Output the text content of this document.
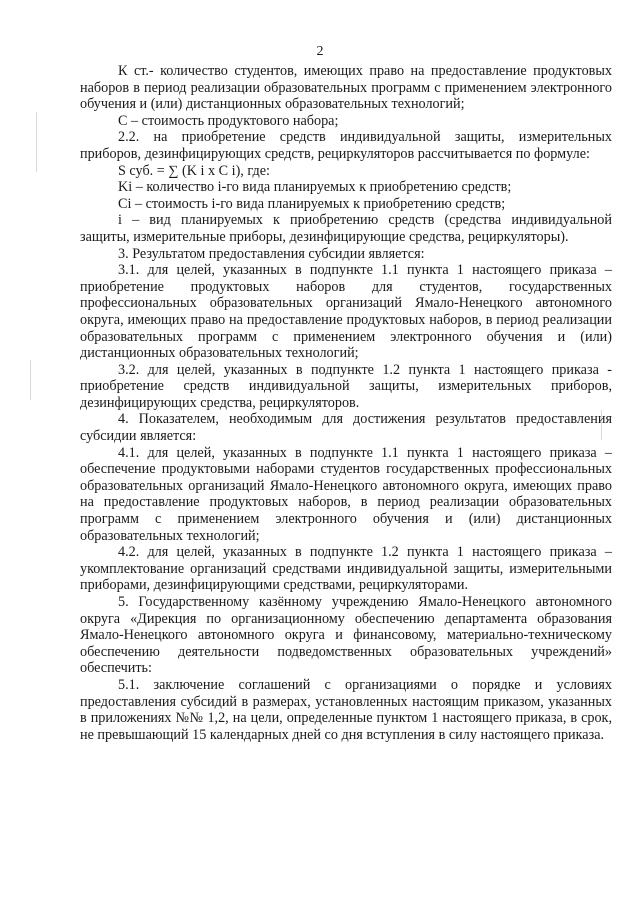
2

К ст.- количество студентов, имеющих право на предоставление продуктовых наборов в период реализации образовательных программ с применением электронного обучения и (или) дистанционных образовательных технологий;

С – стоимость продуктового набора;

2.2. на приобретение средств индивидуальной защиты, измерительных приборов, дезинфицирующих средств, рециркуляторов рассчитывается по формуле:

S суб. = ∑ (K i x C i), где:

Ki – количество i-го вида планируемых к приобретению средств;

Ci – стоимость i-го вида планируемых к приобретению средств;

i – вид планируемых к приобретению средств (средства индивидуальной защиты, измерительные приборы, дезинфицирующие средства, рециркуляторы).

3. Результатом предоставления субсидии является:

3.1. для целей, указанных в подпункте 1.1 пункта 1 настоящего приказа – приобретение продуктовых наборов для студентов, государственных профессиональных образовательных организаций Ямало-Ненецкого автономного округа, имеющих право на предоставление продуктовых наборов, в период реализации образовательных программ с применением электронного обучения и (или) дистанционных образовательных технологий;

3.2. для целей, указанных в подпункте 1.2 пункта 1 настоящего приказа - приобретение средств индивидуальной защиты, измерительных приборов, дезинфицирующих средства, рециркуляторов.

4. Показателем, необходимым для достижения результатов предоставления субсидии является:

4.1. для целей, указанных в подпункте 1.1 пункта 1 настоящего приказа – обеспечение продуктовыми наборами студентов государственных профессиональных образовательных организаций Ямало-Ненецкого автономного округа, имеющих право на предоставление продуктовых наборов, в период реализации образовательных программ с применением электронного обучения и (или) дистанционных образовательных технологий;

4.2. для целей, указанных в подпункте 1.2 пункта 1 настоящего приказа – укомплектование организаций средствами индивидуальной защиты, измерительными приборами, дезинфицирующими средствами, рециркуляторами.

5. Государственному казённому учреждению Ямало-Ненецкого автономного округа «Дирекция по организационному обеспечению департамента образования Ямало-Ненецкого автономного округа и финансовому, материально-техническому обеспечению деятельности подведомственных образовательных учреждений» обеспечить:

5.1. заключение соглашений с организациями о порядке и условиях предоставления субсидий в размерах, установленных настоящим приказом, указанных в приложениях №№ 1,2, на цели, определенные пунктом 1 настоящего приказа, в срок, не превышающий 15 календарных дней со дня вступления в силу настоящего приказа.
